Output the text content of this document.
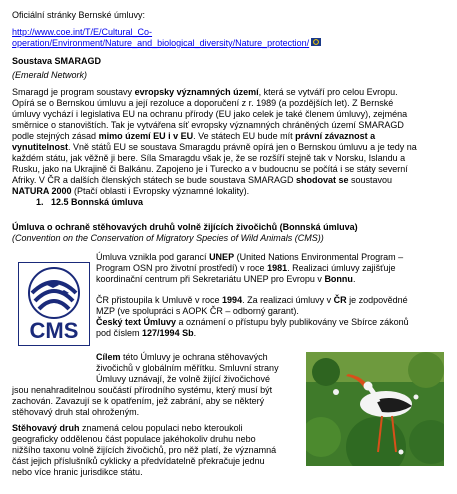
Oficiální stránky Bernské úmluvy:
http://www.coe.int/T/E/Cultural_Co-
operation/Environment/Nature_and_biological_diversity/Nature_protection/
Soustava SMARAGD
(Emerald Network)
Smaragd je program soustavy evropsky významných území, která se vytváří pro celou Evropu.
Opírá se o Bernskou úmluvu a její rezoluce a doporučení z r. 1989 (a pozdějších let). Z Bernské
úmluvy vychází i legislativa EU na ochranu přírody (EU jako celek je také členem úmluvy), zejména
směrnice o stanovištích. Tak je vytvářena síť evropsky významných chráněných území SMARAGD
podle stejných zásad mimo území EU i v EU. Ve státech EU bude mít právní závaznost a
vynutitelnost. Vně států EU se soustava Smaragdu právně opírá jen o Bernskou úmluvu a je tedy na
každém státu, jak věžně ji bere. Síla Smaragdu však je, že se rozšíří stejně tak v Norsku, Islandu a
Rusku, jako na Ukrajině či Balkánu. Zapojeno je i Turecko a v budoucnu se počítá i se státy severní
Afriky. V ČR a dalších členských státech se bude soustava SMARAGD shodovat se soustavou
NATURA 2000 (Ptačí oblasti i Evropsky významné lokality).
1. 12.5 Bonnská úmluva
Úmluva o ochraně stěhovavých druhů volně žijících živočichů (Bonnská úmluva)
(Convention on the Conservation of Migratory Species of Wild Animals (CMS))
CMS
Úmluva vznikla pod garancí UNEP (United Nations Environmental Program –
Program OSN pro životní prostředí) v roce 1981. Realizaci úmluvy zajišťuje
koordinační centrum při Sekretariátu UNEP pro Evropu v Bonnu.
ČR přistoupila k Umluvě v roce 1994. Za realizaci úmluvy v ČR je zodpovědné
MZP (ve spolupráci s AOPK ČR – odborný garant).
Český text Úmluvy a oznámení o přístupu byly publikovány ve Sbírce zákonů
pod číslem 127/1994 Sb.
Cílem této Úmluvy je ochrana stěhovavých
živočichů v globálním měřítku. Smluvní strany
Úmluvy uznávají, že volně žijící živočichové
jsou nenahraditelnou součástí přírodního systému, který musí být
zachován. Zavazují se k opatřením, jež zabrání, aby se některý
stěhovavý druh stal ohroženým.
Stěhovavý druh znamená celou populaci nebo kteroukoli
geograficky oddělenou část populace jakéhokoliv druhu nebo
nižšího taxonu volně žijících živočichů, pro něž platí, že významná
část jejich příslušníků cyklicky a předvídatelně překračuje jednu
nebo více hranic jurisdikce státu.
